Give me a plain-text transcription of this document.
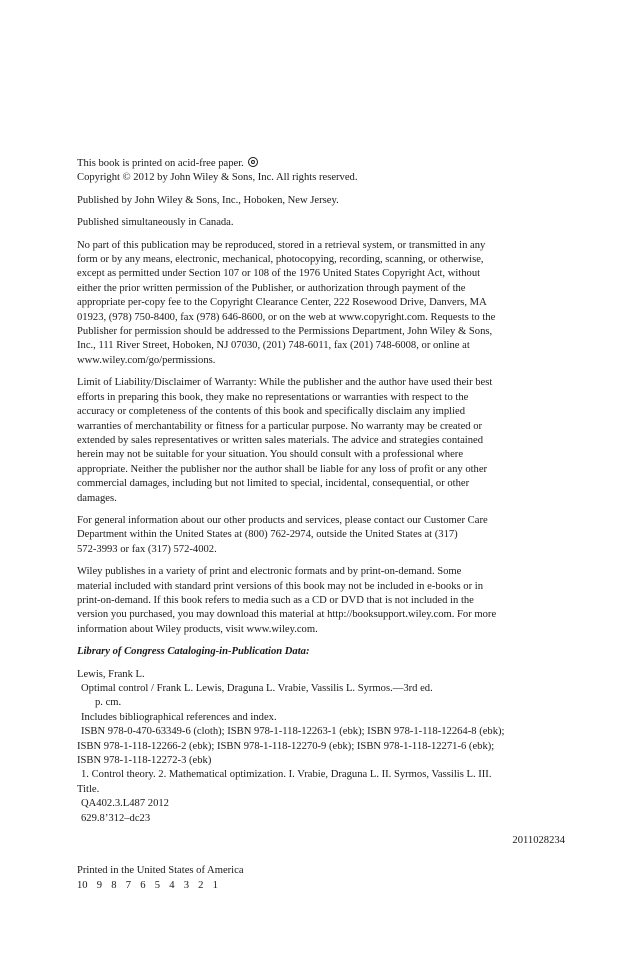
This book is printed on acid-free paper.

Copyright © 2012 by John Wiley & Sons, Inc. All rights reserved.

Published by John Wiley & Sons, Inc., Hoboken, New Jersey.

Published simultaneously in Canada.

No part of this publication may be reproduced, stored in a retrieval system, or transmitted in any
form or by any means, electronic, mechanical, photocopying, recording, scanning, or otherwise,
except as permitted under Section 107 or 108 of the 1976 United States Copyright Act, without
either the prior written permission of the Publisher, or authorization through payment of the
appropriate per-copy fee to the Copyright Clearance Center, 222 Rosewood Drive, Danvers, MA
01923, (978) 750-8400, fax (978) 646-8600, or on the web at www.copyright.com. Requests to the
Publisher for permission should be addressed to the Permissions Department, John Wiley & Sons,
Inc., 111 River Street, Hoboken, NJ 07030, (201) 748-6011, fax (201) 748-6008, or online at
www.wiley.com/go/permissions.
Limit of Liability/Disclaimer of Warranty: While the publisher and the author have used their best
efforts in preparing this book, they make no representations or warranties with respect to the
accuracy or completeness of the contents of this book and specifically disclaim any implied
warranties of merchantability or fitness for a particular purpose. No warranty may be created or
extended by sales representatives or written sales materials. The advice and strategies contained
herein may not be suitable for your situation. You should consult with a professional where
appropriate. Neither the publisher nor the author shall be liable for any loss of profit or any other
commercial damages, including but not limited to special, incidental, consequential, or other
damages.
For general information about our other products and services, please contact our Customer Care
Department within the United States at (800) 762-2974, outside the United States at (317)
572-3993 or fax (317) 572-4002.
Wiley publishes in a variety of print and electronic formats and by print-on-demand. Some
material included with standard print versions of this book may not be included in e-books or in
print-on-demand. If this book refers to media such as a CD or DVD that is not included in the
version you purchased, you may download this material at http://booksupport.wiley.com. For more
information about Wiley products, visit www.wiley.com.

Library of Congress Cataloging-in-Publication Data:

Lewis, Frank L.
Optimal control / Frank L. Lewis, Draguna L. Vrabie, Vassilis L. Syrmos.—3rd ed.
p. cm.
Includes bibliographical references and index.
ISBN 978-0-470-63349-6 (cloth); ISBN 978-1-118-12263-1 (ebk); ISBN 978-1-118-12264-8 (ebk);
ISBN 978-1-118-12266-2 (ebk); ISBN 978-1-118-12270-9 (ebk); ISBN 978-1-118-12271-6 (ebk);
ISBN 978-1-118-12272-3 (ebk)
1. Control theory. 2. Mathematical optimization. I. Vrabie, Draguna L. II. Syrmos, Vassilis L. III.
Title.
QA402.3.L487 2012
629.8’312–dc23
2011028234

Printed in the United States of America

10 9 8 7 6 5 4 3 2 1
